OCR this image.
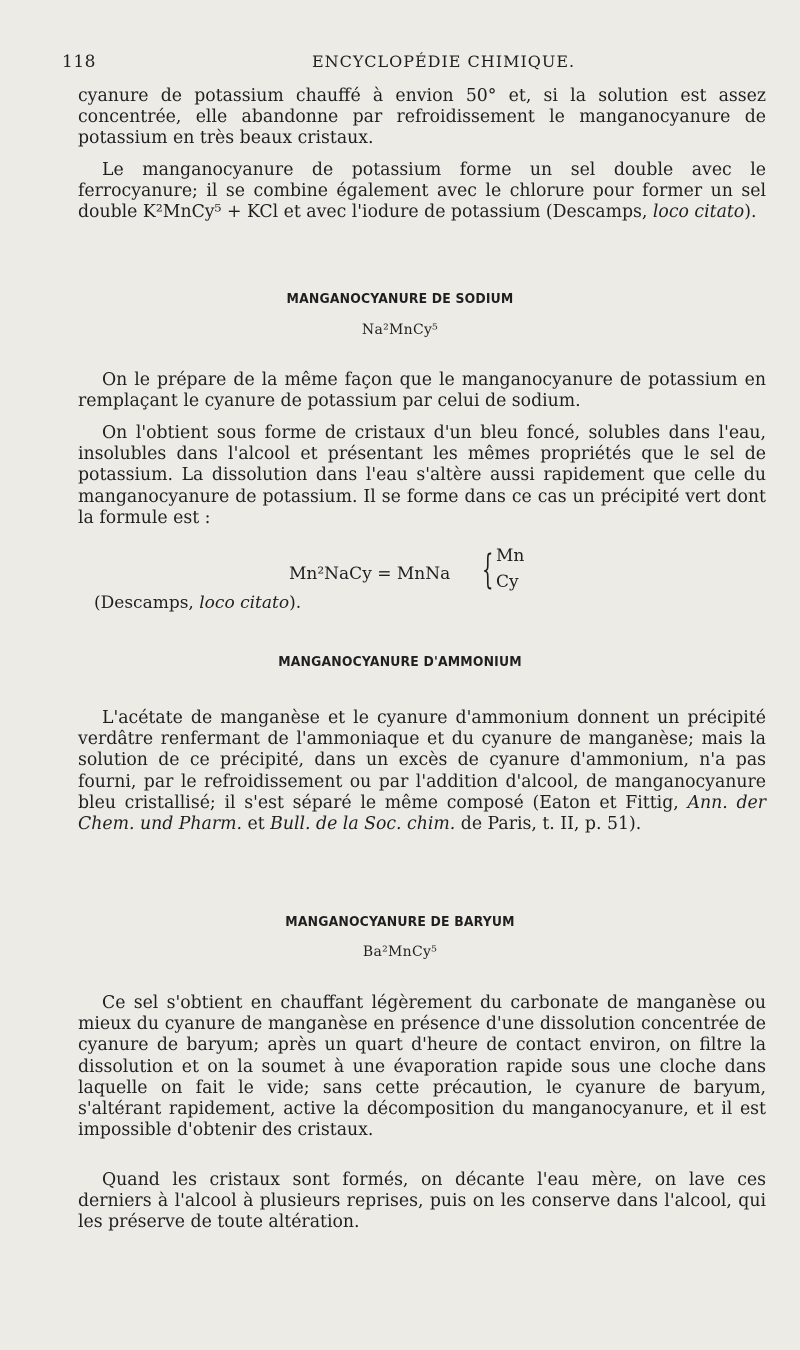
118	ENCYCLOPÉDIE CHIMIQUE.

cyanure de potassium chauffé à envion 50° et, si la solution est assez concentrée, elle abandonne par refroidissement le manganocyanure de potassium en très beaux cristaux.

Le manganocyanure de potassium forme un sel double avec le ferrocyanure; il se combine également avec le chlorure pour former un sel double K²MnCy⁵ + KCl et avec l'iodure de potassium (Descamps, loco citato).

MANGANOCYANURE DE SODIUM
Na²MnCy⁵

On le prépare de la même façon que le manganocyanure de potassium en remplaçant le cyanure de potassium par celui de sodium.

On l'obtient sous forme de cristaux d'un bleu foncé, solubles dans l'eau, insolubles dans l'alcool et présentant les mêmes propriétés que le sel de potassium. La dissolution dans l'eau s'altère aussi rapidement que celle du manganocyanure de potassium. Il se forme dans ce cas un précipité vert dont la formule est :

Mn²NaCy = MnNa { Mn
Cy
(Descamps, loco citato).
MANGANOCYANURE D'AMMONIUM

L'acétate de manganèse et le cyanure d'ammonium donnent un précipité verdâtre renfermant de l'ammoniaque et du cyanure de manganèse; mais la solution de ce précipité, dans un excès de cyanure d'ammonium, n'a pas fourni, par le refroidissement ou par l'addition d'alcool, de manganocyanure bleu cristallisé; il s'est séparé le même composé (Eaton et Fittig, Ann. der Chem. und Pharm. et Bull. de la Soc. chim. de Paris, t. II, p. 51).

MANGANOCYANURE DE BARYUM
Ba²MnCy⁵

Ce sel s'obtient en chauffant légèrement du carbonate de manganèse ou mieux du cyanure de manganèse en présence d'une dissolution concentrée de cyanure de baryum; après un quart d'heure de contact environ, on filtre la dissolution et on la soumet à une évaporation rapide sous une cloche dans laquelle on fait le vide; sans cette précaution, le cyanure de baryum, s'altérant rapidement, active la décomposition du manganocyanure, et il est impossible d'obtenir des cristaux.

Quand les cristaux sont formés, on décante l'eau mère, on lave ces derniers à l'alcool à plusieurs reprises, puis on les conserve dans l'alcool, qui les préserve de toute altération.
